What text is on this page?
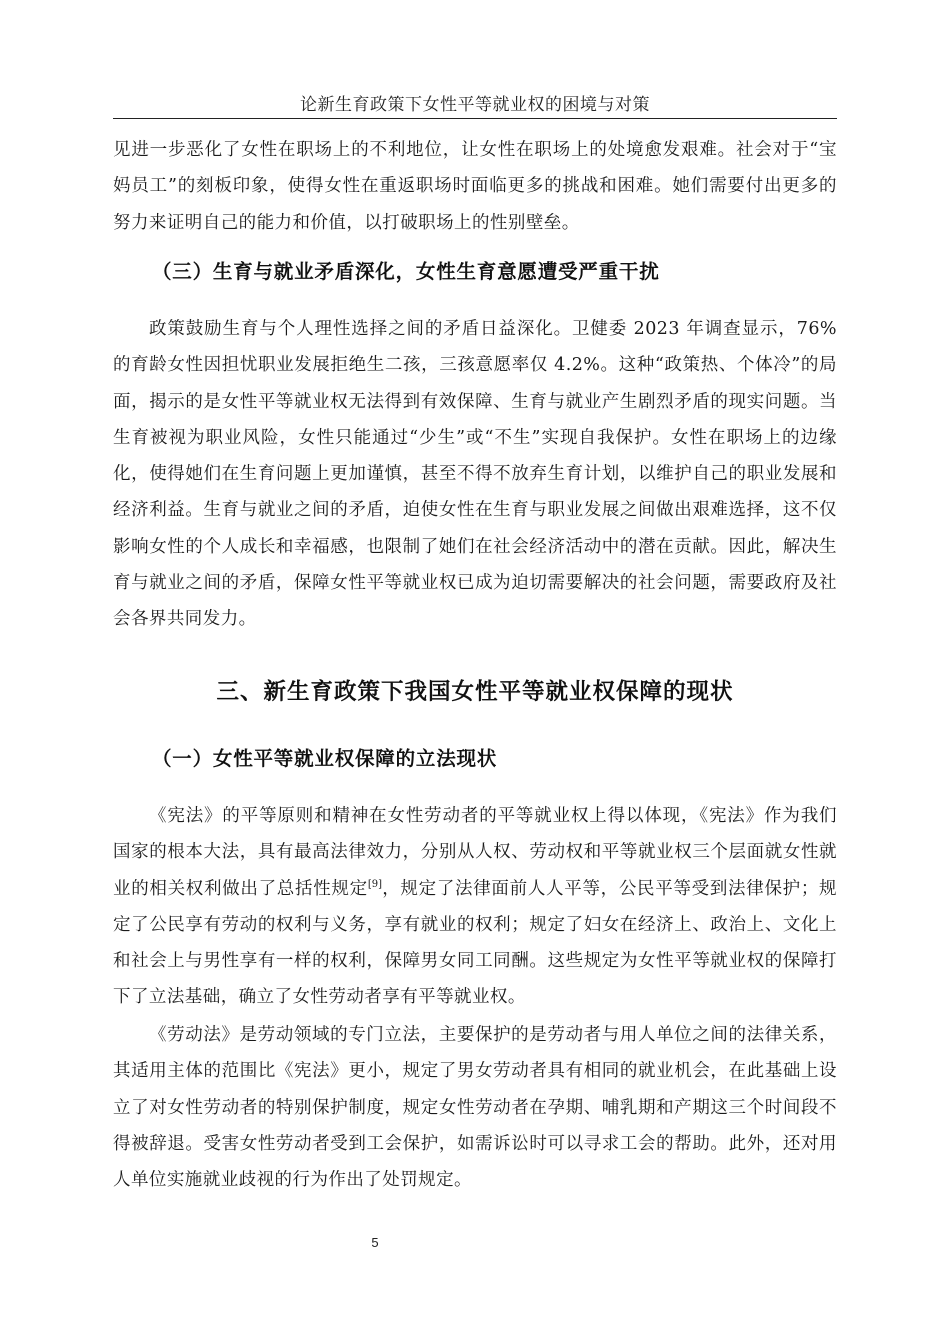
论新生育政策下女性平等就业权的困境与对策

见进一步恶化了女性在职场上的不利地位，让女性在职场上的处境愈发艰难。社会对于“宝妈员工”的刻板印象，使得女性在重返职场时面临更多的挑战和困难。她们需要付出更多的努力来证明自己的能力和价值，以打破职场上的性别壁垒。

（三）生育与就业矛盾深化，女性生育意愿遭受严重干扰

政策鼓励生育与个人理性选择之间的矛盾日益深化。卫健委 2023 年调查显示，76% 的育龄女性因担忧职业发展拒绝生二孩，三孩意愿率仅 4.2%。这种“政策热、个体冷”的局面，揭示的是女性平等就业权无法得到有效保障、生育与就业产生剧烈矛盾的现实问题。当生育被视为职业风险，女性只能通过“少生”或“不生”实现自我保护。女性在职场上的边缘化，使得她们在生育问题上更加谨慎，甚至不得不放弃生育计划，以维护自己的职业发展和经济利益。生育与就业之间的矛盾，迫使女性在生育与职业发展之间做出艰难选择，这不仅影响女性的个人成长和幸福感，也限制了她们在社会经济活动中的潜在贡献。因此，解决生育与就业之间的矛盾，保障女性平等就业权已成为迫切需要解决的社会问题，需要政府及社会各界共同发力。

三、新生育政策下我国女性平等就业权保障的现状
（一）女性平等就业权保障的立法现状

《宪法》的平等原则和精神在女性劳动者的平等就业权上得以体现，《宪法》作为我们国家的根本大法，具有最高法律效力，分别从人权、劳动权和平等就业权三个层面就女性就业的相关权利做出了总括性规定[9]，规定了法律面前人人平等，公民平等受到法律保护；规定了公民享有劳动的权利与义务，享有就业的权利；规定了妇女在经济上、政治上、文化上和社会上与男性享有一样的权利，保障男女同工同酬。这些规定为女性平等就业权的保障打下了立法基础，确立了女性劳动者享有平等就业权。

《劳动法》是劳动领域的专门立法，主要保护的是劳动者与用人单位之间的法律关系，其适用主体的范围比《宪法》更小，规定了男女劳动者具有相同的就业机会，在此基础上设立了对女性劳动者的特别保护制度，规定女性劳动者在孕期、哺乳期和产期这三个时间段不得被辞退。受害女性劳动者受到工会保护，如需诉讼时可以寻求工会的帮助。此外，还对用人单位实施就业歧视的行为作出了处罚规定。

5
